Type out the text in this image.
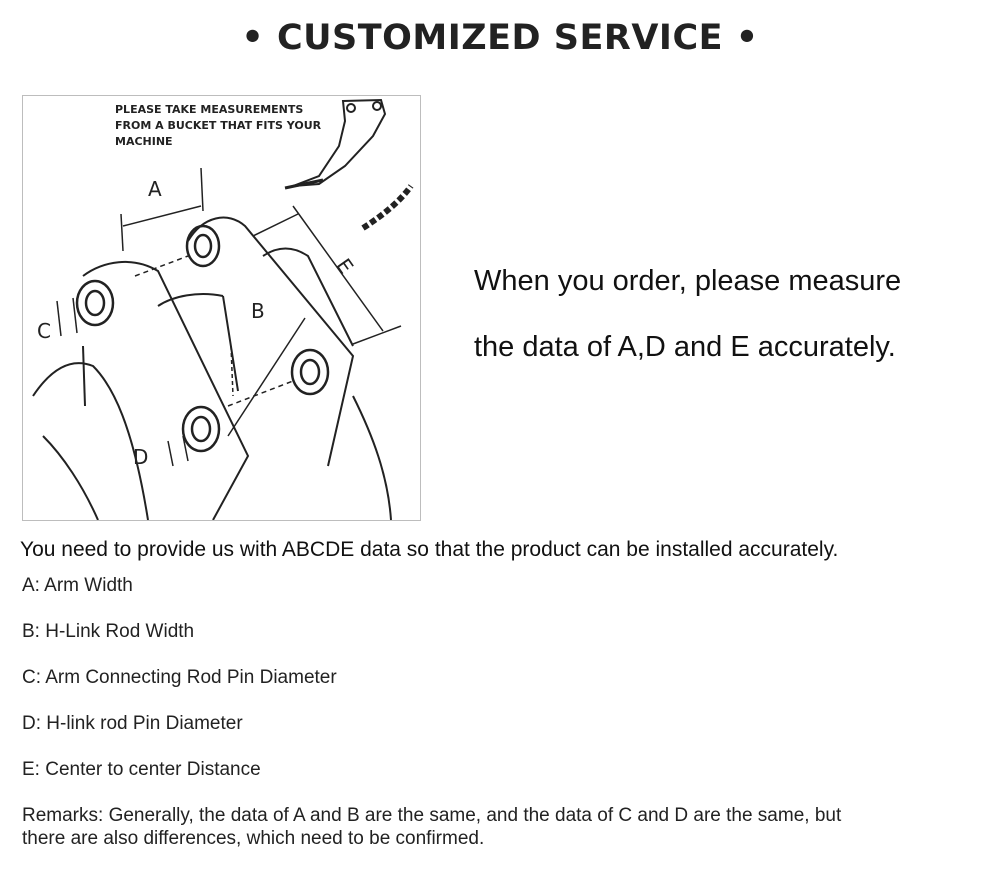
• CUSTOMIZED SERVICE •
PLEASE TAKE MEASUREMENTS
FROM A BUCKET THAT FITS YOUR
MACHINE
A
B
C
D
E	When you order, please measure
the data of A,D and E accurately.
You need to provide us with ABCDE data so that the product can be installed accurately.
A: Arm Width
B: H-Link Rod Width
C: Arm Connecting Rod Pin Diameter
D: H-link rod Pin Diameter
E: Center to center Distance
Remarks: Generally, the data of A and B are the same, and the data of C and D are the same, but
there are also differences, which need to be confirmed.
